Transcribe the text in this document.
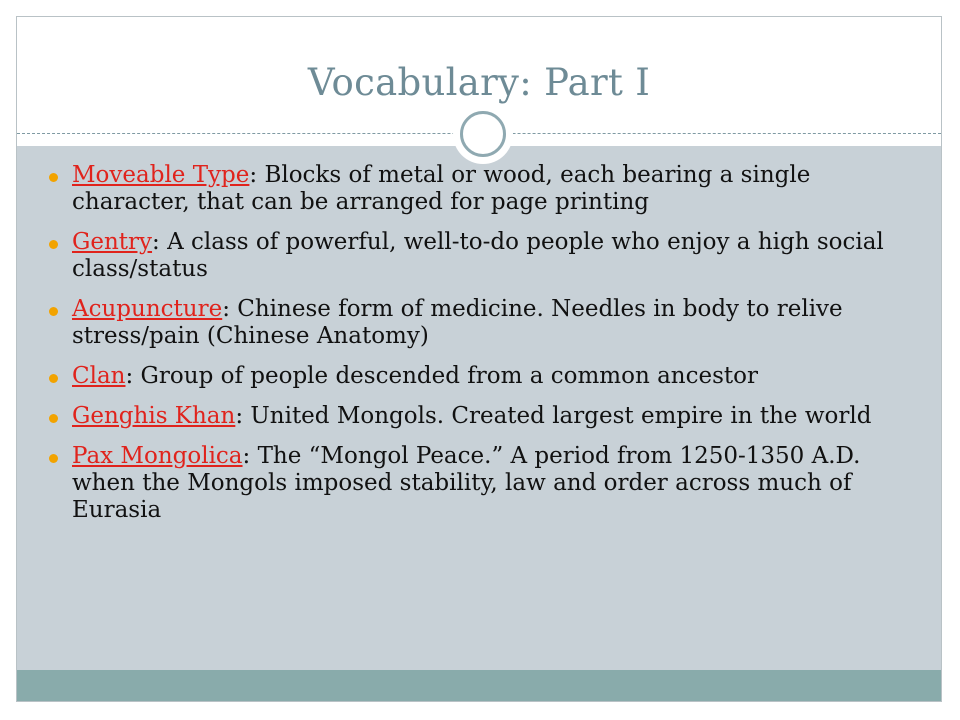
Vocabulary: Part I
Moveable Type: Blocks of metal or wood, each bearing a single character, that can be arranged for page printing
Gentry: A class of powerful, well-to-do people who enjoy a high social class/status
Acupuncture: Chinese form of medicine. Needles in body to relive stress/pain (Chinese Anatomy)
Clan: Group of people descended from a common ancestor
Genghis Khan: United Mongols. Created largest empire in the world
Pax Mongolica: The “Mongol Peace.” A period from 1250-1350 A.D. when the Mongols imposed stability, law and order across much of Eurasia
